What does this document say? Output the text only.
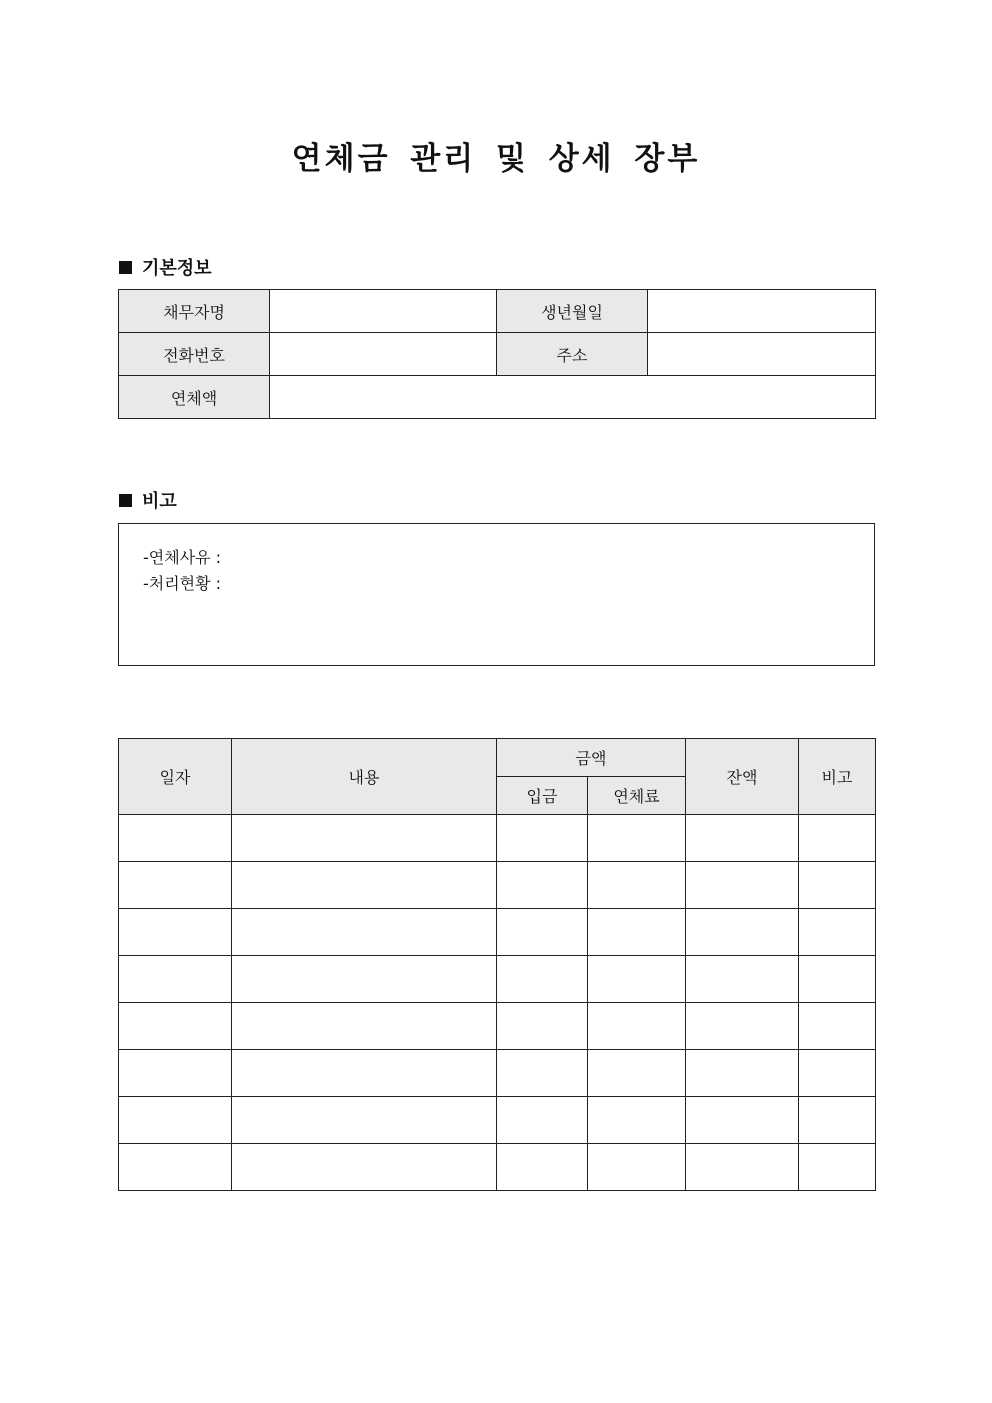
연체금 관리 및 상세 장부
기본정보
채무자명		생년월일	
전화번호		주소	
연체액			
비고
-연체사유 :
-처리현황 :
일자	내용	금액		잔액	비고
		입금	연체료		
